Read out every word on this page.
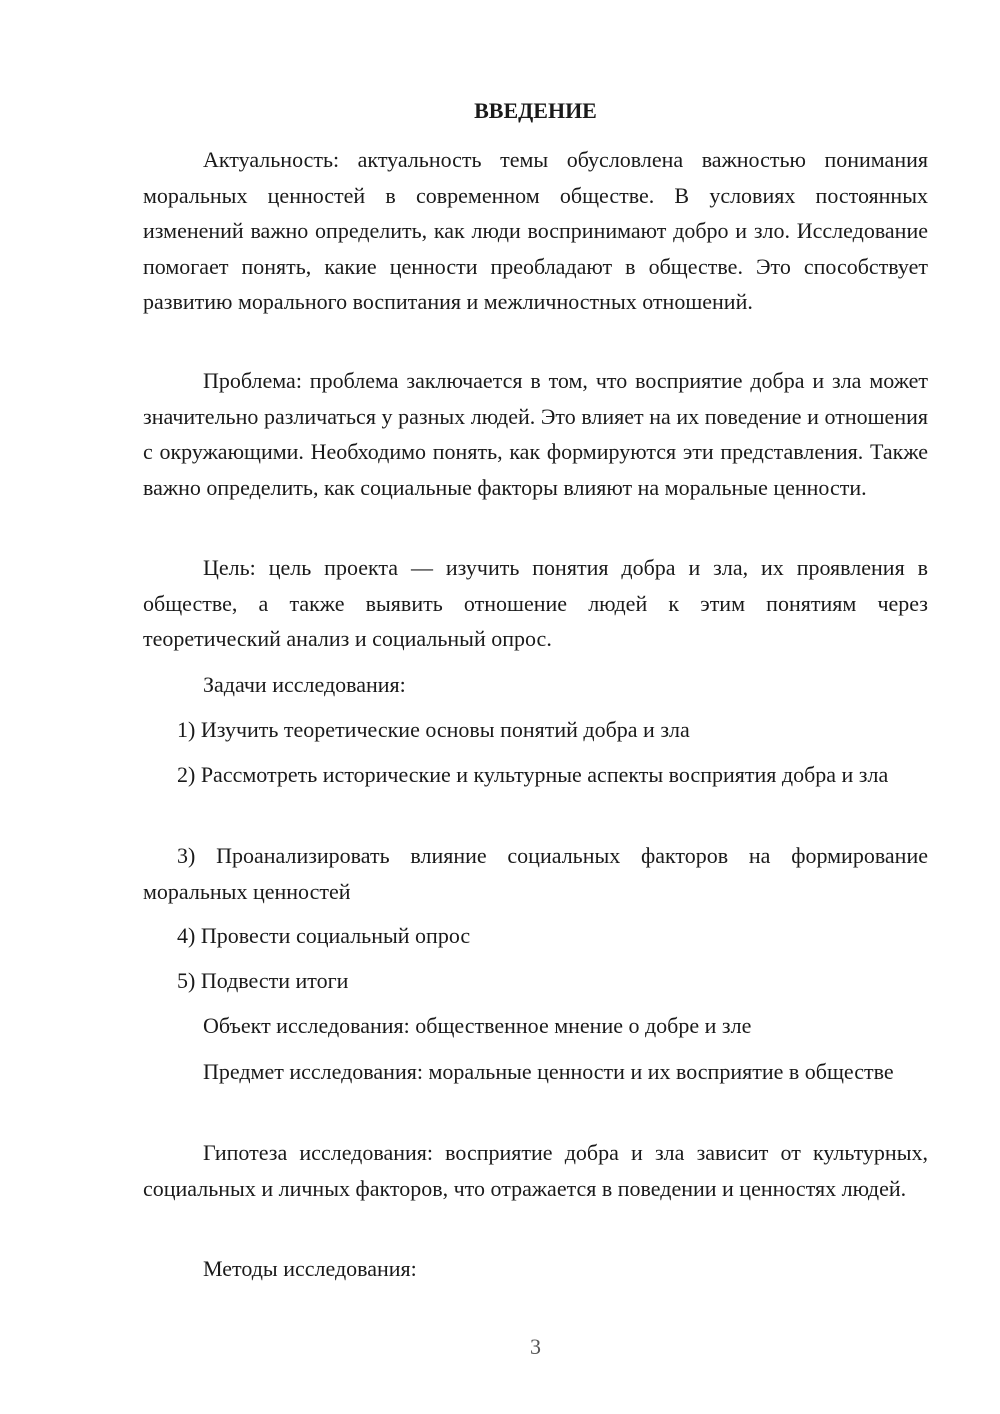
ВВЕДЕНИЕ

Актуальность: актуальность темы обусловлена важностью понимания моральных ценностей в современном обществе. В условиях постоянных изменений важно определить, как люди воспринимают добро и зло. Исследование помогает понять, какие ценности преобладают в обществе. Это способствует развитию морального воспитания и межличностных отношений.

Проблема: проблема заключается в том, что восприятие добра и зла может значительно различаться у разных людей. Это влияет на их поведение и отношения с окружающими. Необходимо понять, как формируются эти представления. Также важно определить, как социальные факторы влияют на моральные ценности.

Цель: цель проекта — изучить понятия добра и зла, их проявления в обществе, а также выявить отношение людей к этим понятиям через теоретический анализ и социальный опрос.

Задачи исследования:

1) Изучить теоретические основы понятий добра и зла

2) Рассмотреть исторические и культурные аспекты восприятия добра и зла

3) Проанализировать влияние социальных факторов на формирование моральных ценностей

4) Провести социальный опрос

5) Подвести итоги

Объект исследования: общественное мнение о добре и зле

Предмет исследования: моральные ценности и их восприятие в обществе

Гипотеза исследования: восприятие добра и зла зависит от культурных, социальных и личных факторов, что отражается в поведении и ценностях людей.

Методы исследования:

3
